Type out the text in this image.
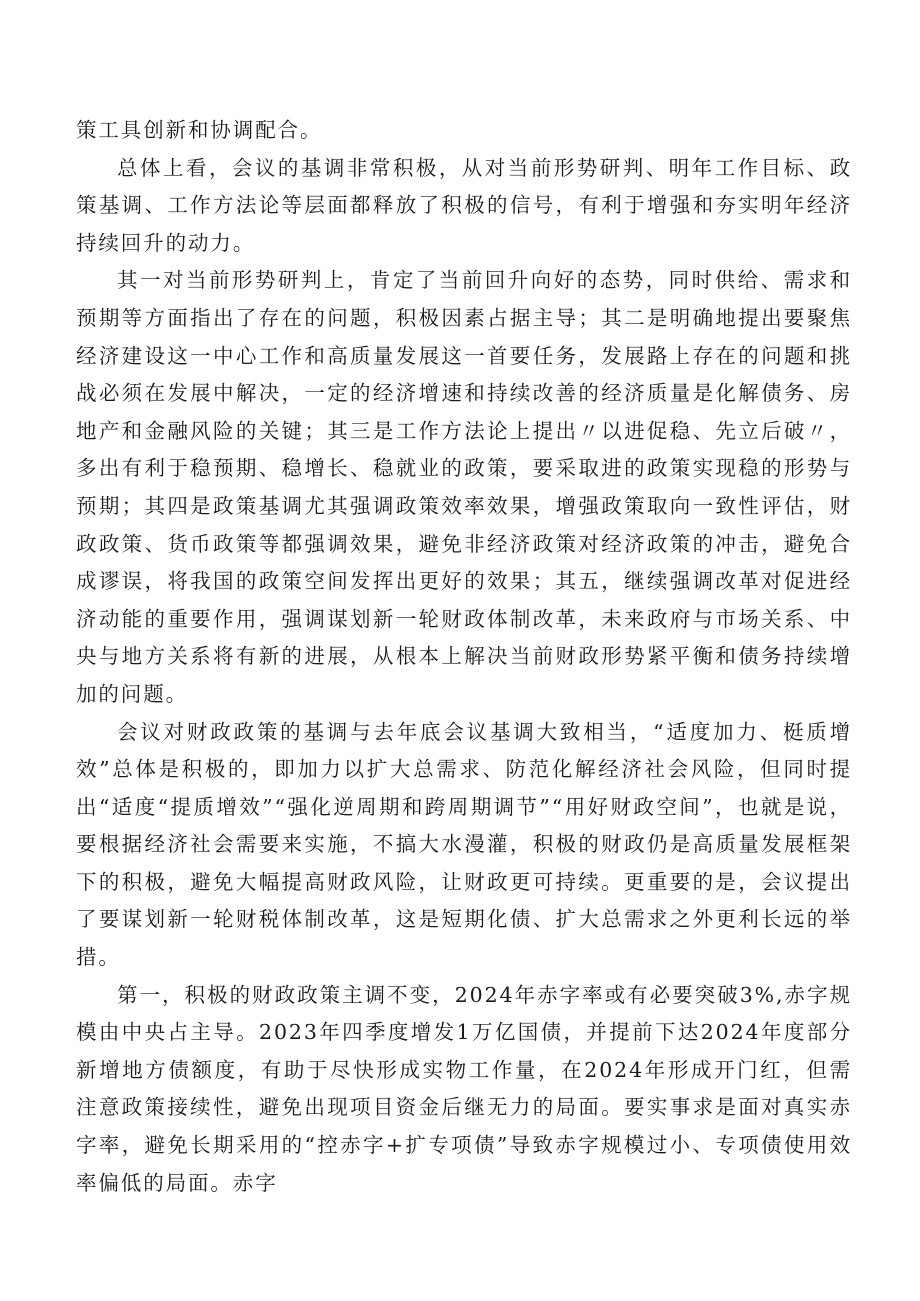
策工具创新和协调配合。

总体上看，会议的基调非常积极，从对当前形势研判、明年工作目标、政策基调、工作方法论等层面都释放了积极的信号，有利于增强和夯实明年经济持续回升的动力。

其一对当前形势研判上，肯定了当前回升向好的态势，同时供给、需求和预期等方面指出了存在的问题，积极因素占据主导；其二是明确地提出要聚焦经济建设这一中心工作和高质量发展这一首要任务，发展路上存在的问题和挑战必须在发展中解决，一定的经济增速和持续改善的经济质量是化解债务、房地产和金融风险的关键；其三是工作方法论上提出〃以进促稳、先立后破〃，多出有利于稳预期、稳增长、稳就业的政策，要采取进的政策实现稳的形势与预期；其四是政策基调尤其强调政策效率效果，增强政策取向一致性评估，财政政策、货币政策等都强调效果，避免非经济政策对经济政策的冲击，避免合成谬误，将我国的政策空间发挥出更好的效果；其五，继续强调改革对促进经济动能的重要作用，强调谋划新一轮财政体制改革，未来政府与市场关系、中央与地方关系将有新的进展，从根本上解决当前财政形势紧平衡和债务持续增加的问题。

会议对财政政策的基调与去年底会议基调大致相当，“适度加力、梃质增效”总体是积极的，即加力以扩大总需求、防范化解经济社会风险，但同时提出“适度“提质增效”“强化逆周期和跨周期调节”“用好财政空间”，也就是说，要根据经济社会需要来实施，不搞大水漫灌，积极的财政仍是高质量发展框架下的积极，避免大幅提高财政风险，让财政更可持续。更重要的是，会议提出了要谋划新一轮财税体制改革，这是短期化债、扩大总需求之外更利长远的举措。

第一，积极的财政政策主调不变，2024年赤字率或有必要突破3%,赤字规模由中央占主导。2023年四季度增发1万亿国债，并提前下达2024年度部分新增地方债额度，有助于尽快形成实物工作量，在2024年形成开门红，但需注意政策接续性，避免出现项目资金后继无力的局面。要实事求是面对真实赤字率，避免长期采用的“控赤字+扩专项债”导致赤字规模过小、专项债使用效率偏低的局面。赤字
